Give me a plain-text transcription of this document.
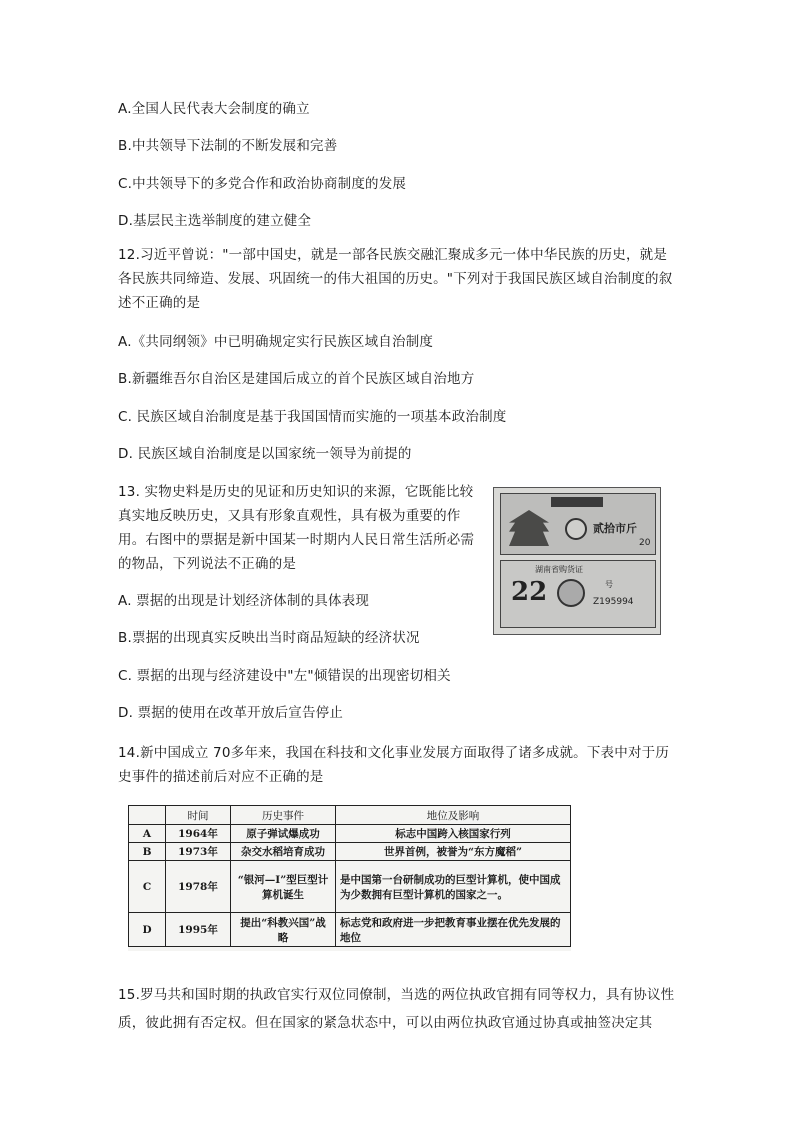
A.全国人民代表大会制度的确立
B.中共领导下法制的不断发展和完善
C.中共领导下的多党合作和政治协商制度的发展
D.基层民主选举制度的建立健全
12.习近平曾说："一部中国史，就是一部各民族交融汇聚成多元一体中华民族的历史，就是各民族共同缔造、发展、巩固统一的伟大祖国的历史。"下列对于我国民族区域自治制度的叙述不正确的是
A.《共同纲领》中已明确规定实行民族区域自治制度
B.新疆维吾尔自治区是建国后成立的首个民族区域自治地方
C. 民族区域自治制度是基于我国国情而实施的一项基本政治制度
D. 民族区域自治制度是以国家统一领导为前提的
13. 实物史料是历史的见证和历史知识的来源，它既能比较真实地反映历史，又具有形象直观性，具有极为重要的作用。右图中的票据是新中国某一时期内人民日常生活所必需的物品，下列说法不正确的是
A. 票据的出现是计划经济体制的具体表现
B.票据的出现真实反映出当时商品短缺的经济状况
C. 票据的出现与经济建设中"左"倾错误的出现密切相关
D. 票据的使用在改革开放后宣告停止
贰拾市斤
20
湖南省购货证
22	号
Z195994
14.新中国成立 70多年来，我国在科技和文化事业发展方面取得了诸多成就。下表中对于历史事件的描述前后对应不正确的是
	时间	历史事件	地位及影响
A	1964年	原子弹试爆成功	标志中国跨入核国家行列
B	1973年	杂交水稻培育成功	世界首例，被誉为“东方魔稻”
C	1978年	“银河—Ⅰ”型巨型计算机诞生	是中国第一台研制成功的巨型计算机，使中国成为少数拥有巨型计算机的国家之一。
D	1995年	提出“科教兴国”战略	标志党和政府进一步把教育事业摆在优先发展的地位
15.罗马共和国时期的执政官实行双位同僚制，当选的两位执政官拥有同等权力，具有协议性质，彼此拥有否定权。但在国家的紧急状态中，可以由两位执政官通过协真或抽签决定其
